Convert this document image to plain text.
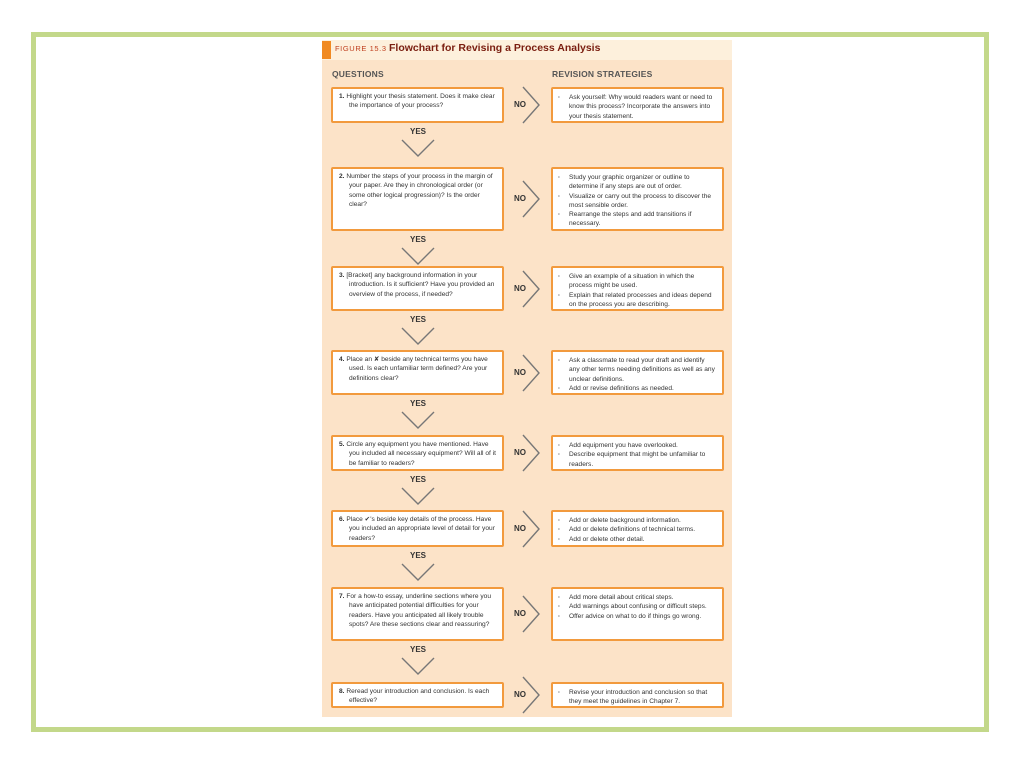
FIGURE 15.3 Flowchart for Revising a Process Analysis
QUESTIONS	REVISION STRATEGIES
1. Highlight your thesis statement. Does it make clear the importance of your process?
· Ask yourself: Why would readers want or need to know this process? Incorporate the answers into your thesis statement.
NO
YES
2. Number the steps of your process in the margin of your paper. Are they in chronological order (or some other logical progression)? Is the order clear?
· Study your graphic organizer or outline to determine if any steps are out of order.
· Visualize or carry out the process to discover the most sensible order.
· Rearrange the steps and add transitions if necessary.
NO
YES
3. [Bracket] any background information in your introduction. Is it sufficient? Have you provided an overview of the process, if needed?
· Give an example of a situation in which the process might be used.
· Explain that related processes and ideas depend on the process you are describing.
NO
YES
4. Place an ✘ beside any technical terms you have used. Is each unfamiliar term defined? Are your definitions clear?
· Ask a classmate to read your draft and identify any other terms needing definitions as well as any unclear definitions.
· Add or revise definitions as needed.
NO
YES
5. Circle any equipment you have mentioned. Have you included all necessary equipment? Will all of it be familiar to readers?
· Add equipment you have overlooked.
· Describe equipment that might be unfamiliar to readers.
NO
YES
6. Place ✔'s beside key details of the process. Have you included an appropriate level of detail for your readers?
· Add or delete background information.
· Add or delete definitions of technical terms.
· Add or delete other detail.
NO
YES
7. For a how-to essay, underline sections where you have anticipated potential difficulties for your readers. Have you anticipated all likely trouble spots? Are these sections clear and reassuring?
· Add more detail about critical steps.
· Add warnings about confusing or difficult steps.
· Offer advice on what to do if things go wrong.
NO
YES
8. Reread your introduction and conclusion. Is each effective?
· Revise your introduction and conclusion so that they meet the guidelines in Chapter 7.
NO
